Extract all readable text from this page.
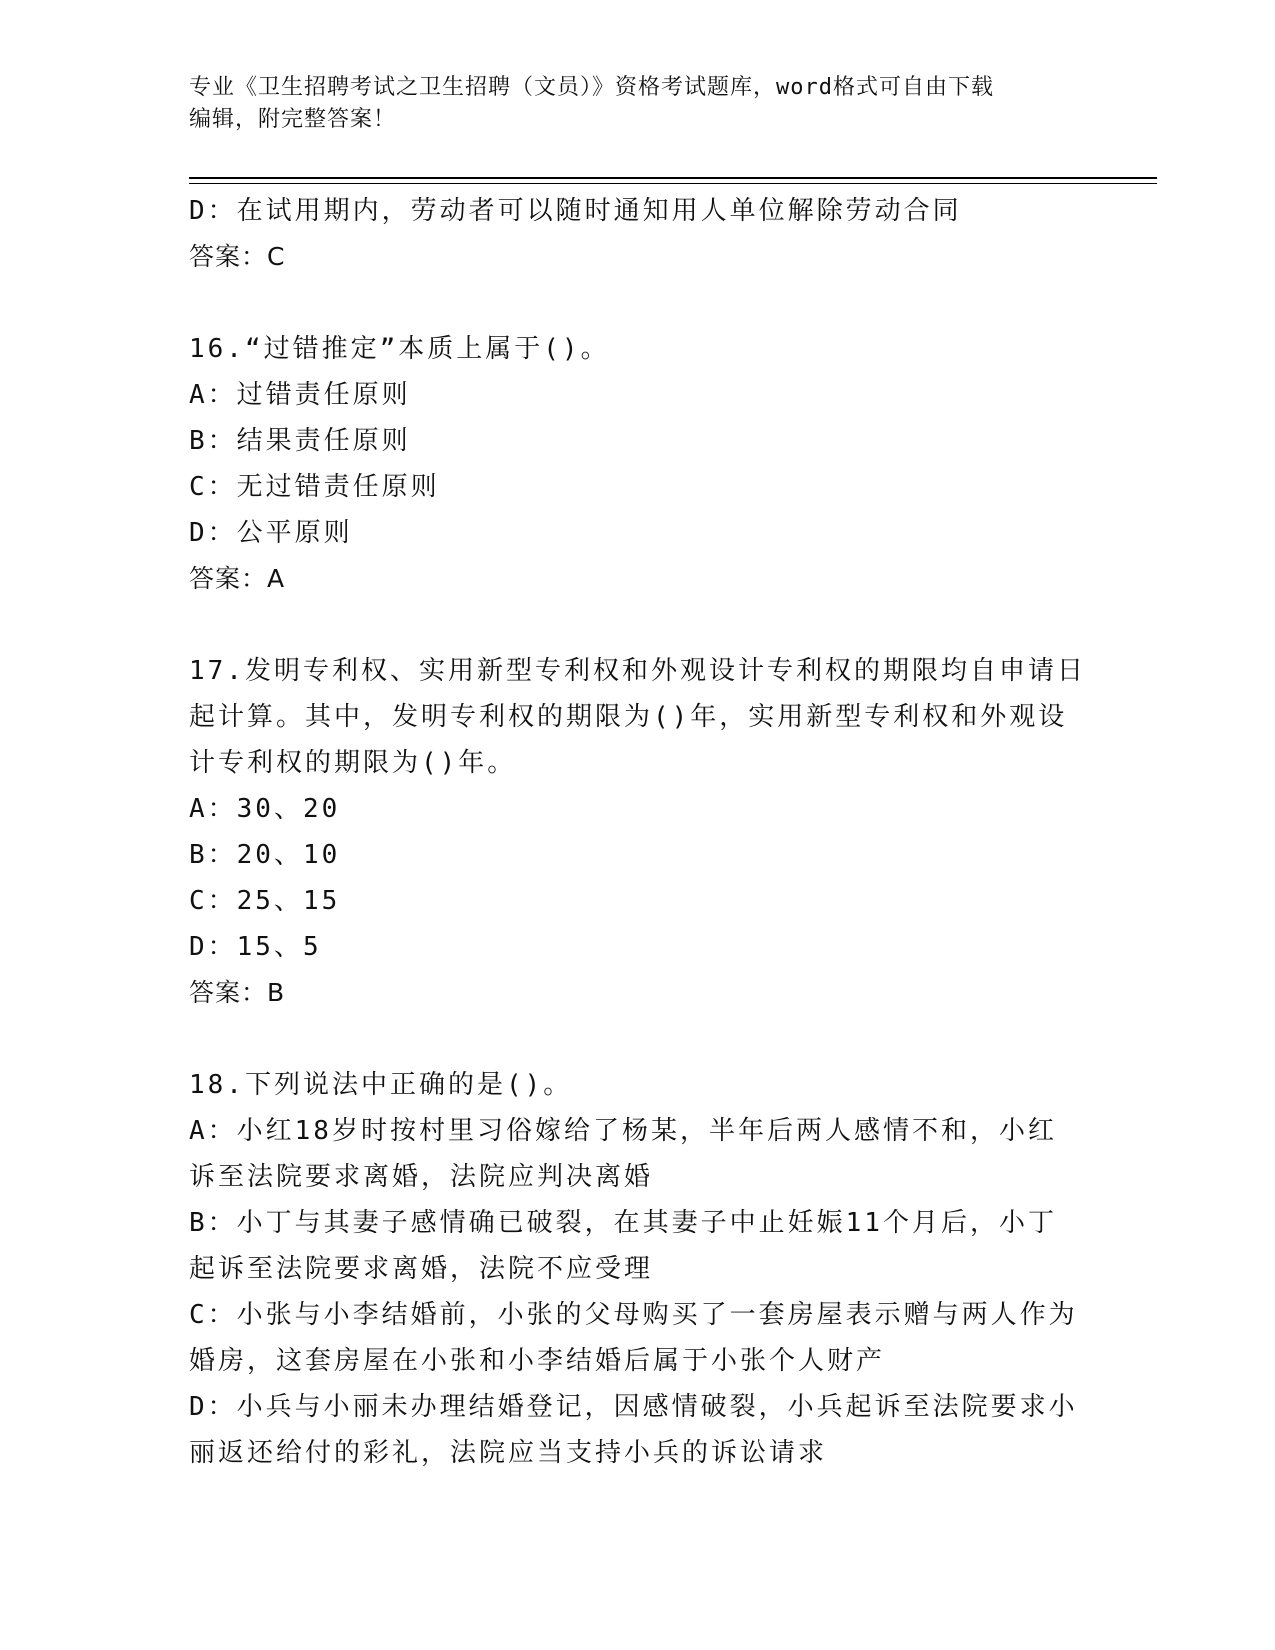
专业《卫生招聘考试之卫生招聘（文员）》资格考试题库，word格式可自由下载
编辑，附完整答案！
D：在试用期内，劳动者可以随时通知用人单位解除劳动合同
答案：C
16.“过错推定”本质上属于()。
A：过错责任原则
B：结果责任原则
C：无过错责任原则
D：公平原则
答案：A
17.发明专利权、实用新型专利权和外观设计专利权的期限均自申请日
起计算。其中，发明专利权的期限为()年，实用新型专利权和外观设
计专利权的期限为()年。
A：30、20
B：20、10
C：25、15
D：15、5
答案：B
18.下列说法中正确的是()。
A：小红18岁时按村里习俗嫁给了杨某，半年后两人感情不和，小红
诉至法院要求离婚，法院应判决离婚
B：小丁与其妻子感情确已破裂，在其妻子中止妊娠11个月后，小丁
起诉至法院要求离婚，法院不应受理
C：小张与小李结婚前，小张的父母购买了一套房屋表示赠与两人作为
婚房，这套房屋在小张和小李结婚后属于小张个人财产
D：小兵与小丽未办理结婚登记，因感情破裂，小兵起诉至法院要求小
丽返还给付的彩礼，法院应当支持小兵的诉讼请求
